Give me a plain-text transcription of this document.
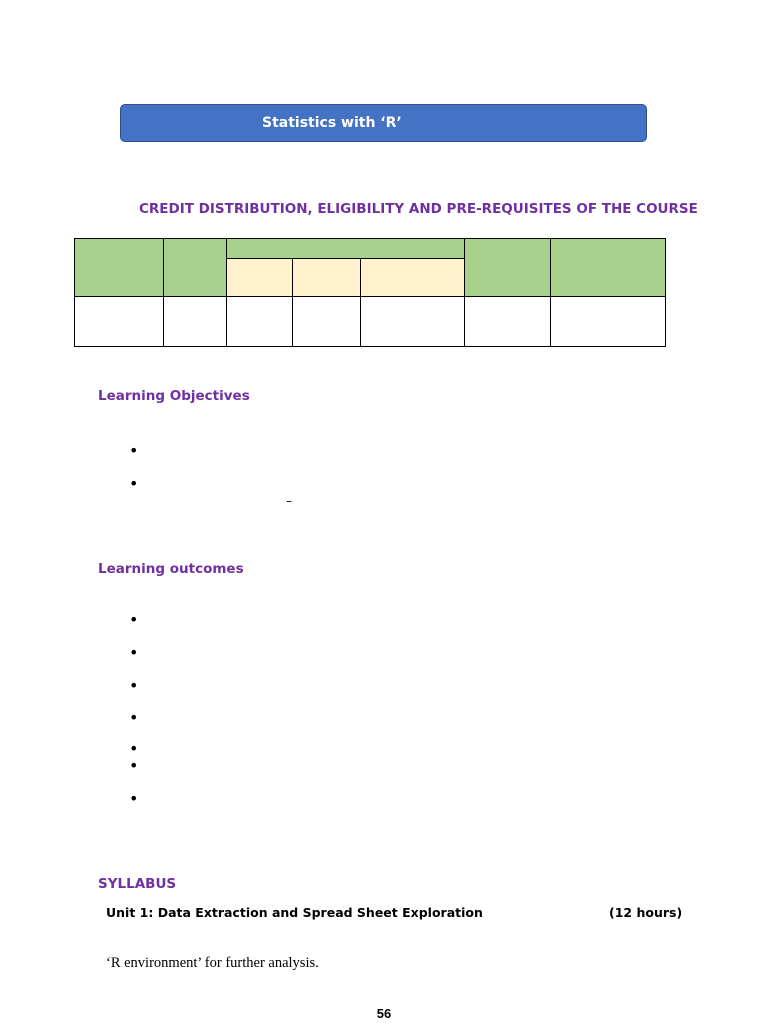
Statistics with ‘R’
CREDIT DISTRIBUTION, ELIGIBILITY AND PRE-REQUISITES OF THE COURSE

Learning Objectives
•
•
–
Learning outcomes
•
•
•
•
•
•
•
SYLLABUS
Unit 1: Data Extraction and Spread Sheet Exploration	(12 hours)
‘R environment’ for further analysis.
56
